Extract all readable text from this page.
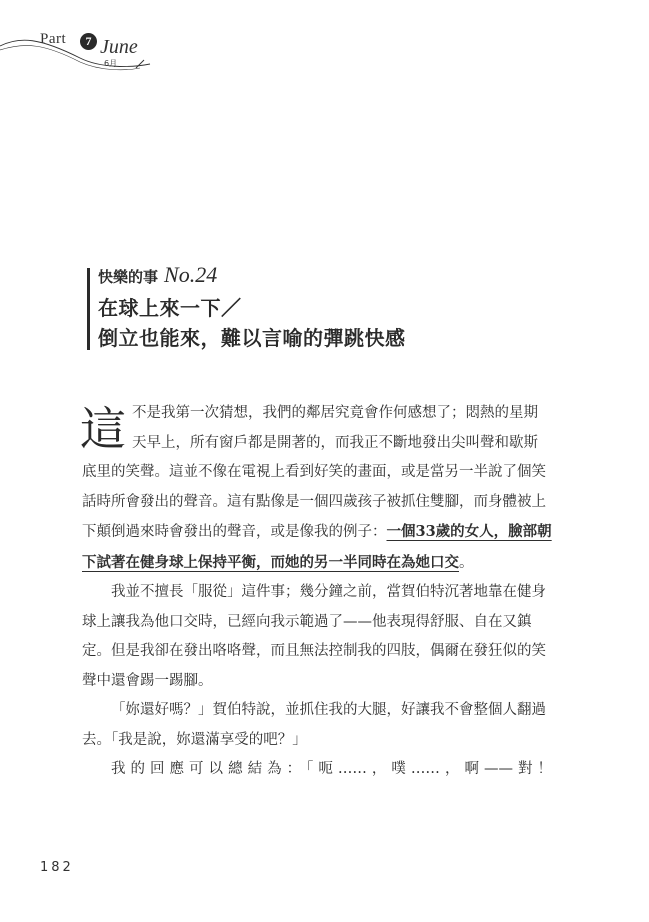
Part	7 June
6月
快樂的事 No.24
在球上來一下／
倒立也能來，難以言喻的彈跳快感

這不是我第一次猜想，我們的鄰居究竟會作何感想了；悶熱的星期天早上，所有窗戶都是開著的，而我正不斷地發出尖叫聲和歇斯底里的笑聲。這並不像在電視上看到好笑的畫面，或是當另一半說了個笑話時所會發出的聲音。這有點像是一個四歲孩子被抓住雙腳，而身體被上下顛倒過來時會發出的聲音，或是像我的例子：一個33歲的女人，臉部朝下試著在健身球上保持平衡，而她的另一半同時在為她口交。

我並不擅長「服從」這件事；幾分鐘之前，當賀伯特沉著地靠在健身球上讓我為他口交時，已經向我示範過了——他表現得舒服、自在又鎮定。但是我卻在發出咯咯聲，而且無法控制我的四肢，偶爾在發狂似的笑聲中還會踢一踢腳。

「妳還好嗎？」賀伯特說，並抓住我的大腿，好讓我不會整個人翻過去。「我是說，妳還滿享受的吧？」

我的回應可以總結為：「呃……，噗……，啊——對！

182
